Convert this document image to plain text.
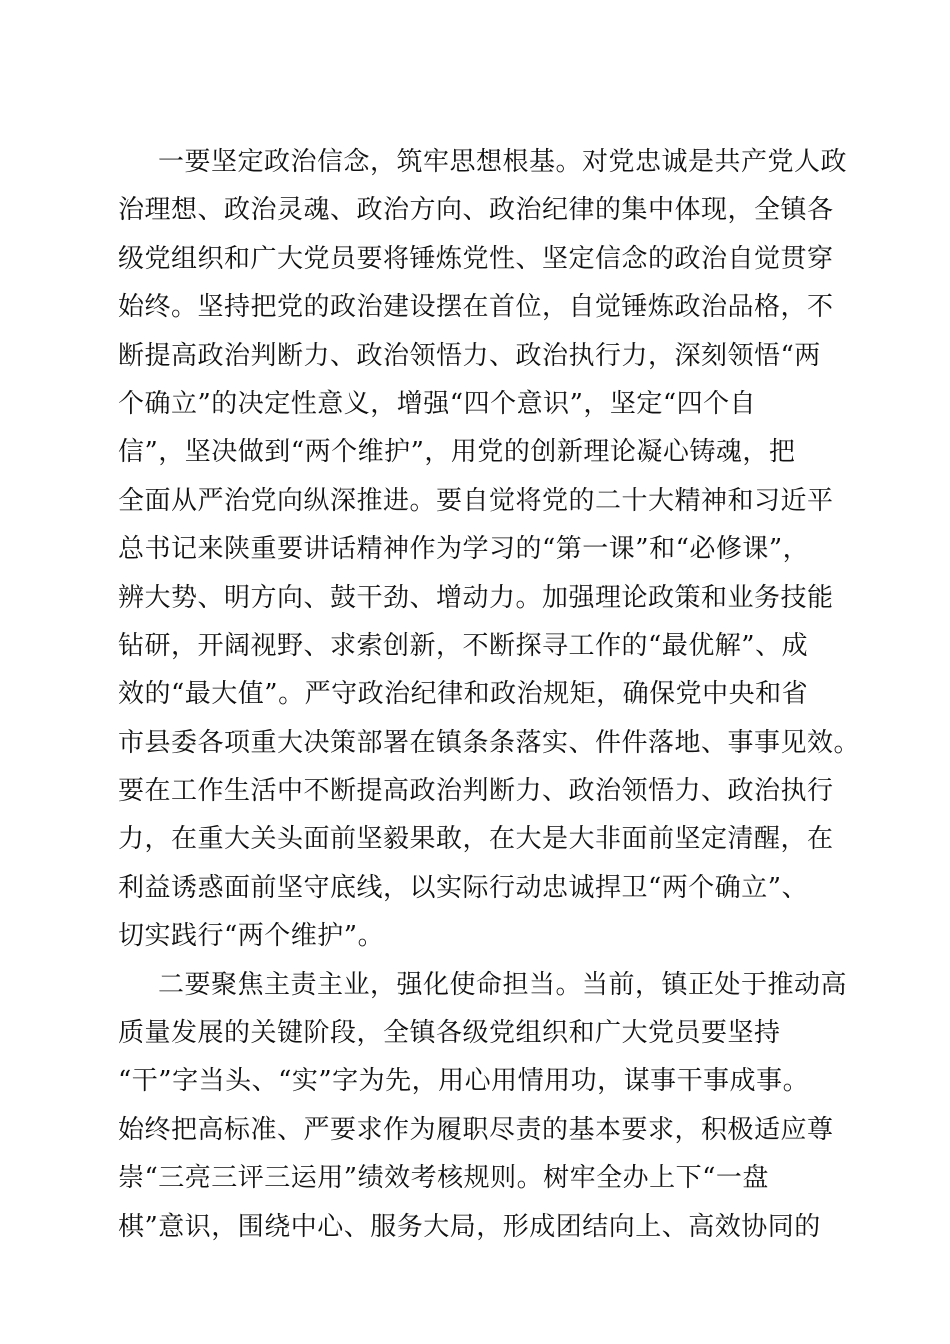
一要坚定政治信念，筑牢思想根基。对党忠诚是共产党人政
治理想、政治灵魂、政治方向、政治纪律的集中体现，全镇各
级党组织和广大党员要将锤炼党性、坚定信念的政治自觉贯穿
始终。坚持把党的政治建设摆在首位，自觉锤炼政治品格，不
断提高政治判断力、政治领悟力、政治执行力，深刻领悟“两
个确立”的决定性意义，增强“四个意识”，坚定“四个自
信”，坚决做到“两个维护”，用党的创新理论凝心铸魂，把
全面从严治党向纵深推进。要自觉将党的二十大精神和习近平
总书记来陕重要讲话精神作为学习的“第一课”和“必修课”，
辨大势、明方向、鼓干劲、增动力。加强理论政策和业务技能
钻研，开阔视野、求索创新，不断探寻工作的“最优解”、成
效的“最大值”。严守政治纪律和政治规矩，确保党中央和省
市县委各项重大决策部署在镇条条落实、件件落地、事事见效。
要在工作生活中不断提高政治判断力、政治领悟力、政治执行
力，在重大关头面前坚毅果敢，在大是大非面前坚定清醒，在
利益诱惑面前坚守底线，以实际行动忠诚捍卫“两个确立”、
切实践行“两个维护”。
二要聚焦主责主业，强化使命担当。当前，镇正处于推动高
质量发展的关键阶段，全镇各级党组织和广大党员要坚持
“干”字当头、“实”字为先，用心用情用功，谋事干事成事。
始终把高标准、严要求作为履职尽责的基本要求，积极适应尊
崇“三亮三评三运用”绩效考核规则。树牢全办上下“一盘
棋”意识，围绕中心、服务大局，形成团结向上、高效协同的
